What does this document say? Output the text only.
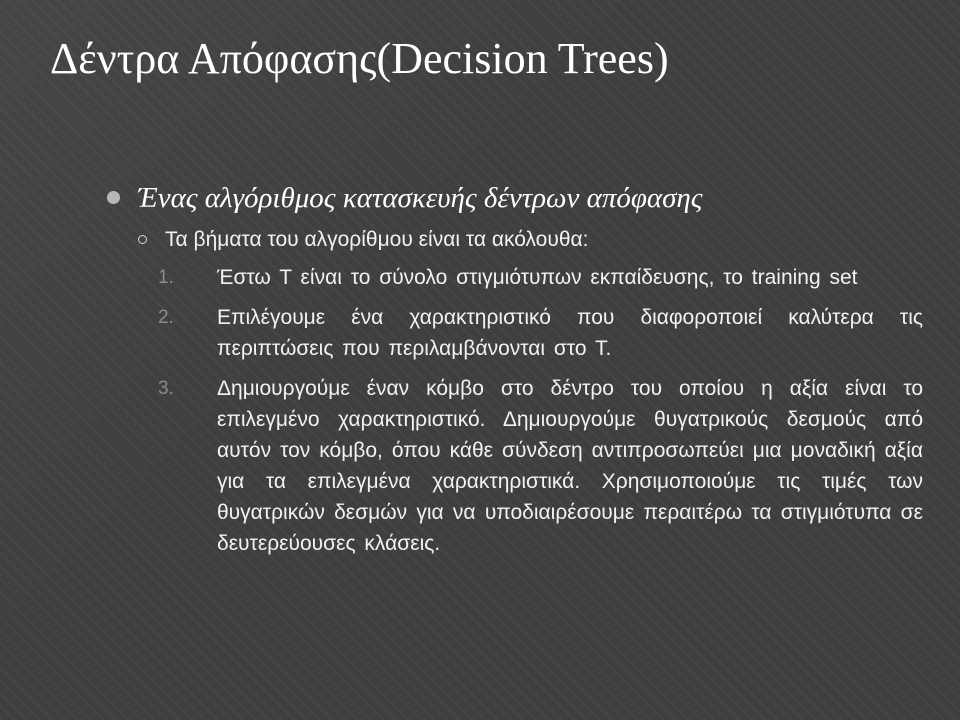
Δέντρα Απόφασης(Decision Trees)
Ένας αλγόριθμος κατασκευής δέντρων απόφασης
Τα βήματα του αλγορίθμου είναι τα ακόλουθα:
1. Έστω Τ είναι το σύνολο στιγμιότυπων εκπαίδευσης, το training set
2. Επιλέγουμε ένα χαρακτηριστικό που διαφοροποιεί καλύτερα τις περιπτώσεις που περιλαμβάνονται στο Τ.
3. Δημιουργούμε έναν κόμβο στο δέντρο του οποίου η αξία είναι το επιλεγμένο χαρακτηριστικό. Δημιουργούμε θυγατρικούς δεσμούς από αυτόν τον κόμβο, όπου κάθε σύνδεση αντιπροσωπεύει μια μοναδική αξία για τα επιλεγμένα χαρακτηριστικά. Χρησιμοποιούμε τις τιμές των θυγατρικών δεσμών για να υποδιαιρέσουμε περαιτέρω τα στιγμιότυπα σε δευτερεύουσες κλάσεις.
